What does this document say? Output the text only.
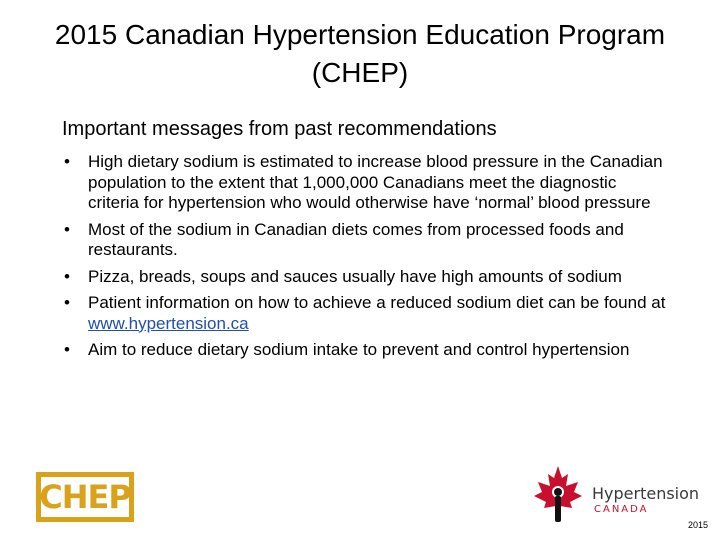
2015 Canadian Hypertension Education Program
(CHEP)
Important messages from past recommendations
• High dietary sodium is estimated to increase blood pressure in the Canadian population to the extent that 1,000,000 Canadians meet the diagnostic criteria for hypertension who would otherwise have ‘normal’ blood pressure
• Most of the sodium in Canadian diets comes from processed foods and restaurants.
• Pizza, breads, soups and sauces usually have high amounts of sodium
• Patient information on how to achieve a reduced sodium diet can be found at www.hypertension.ca
• Aim to reduce dietary sodium intake to prevent and control hypertension
CHEP	Hypertension
CANADA
2015
